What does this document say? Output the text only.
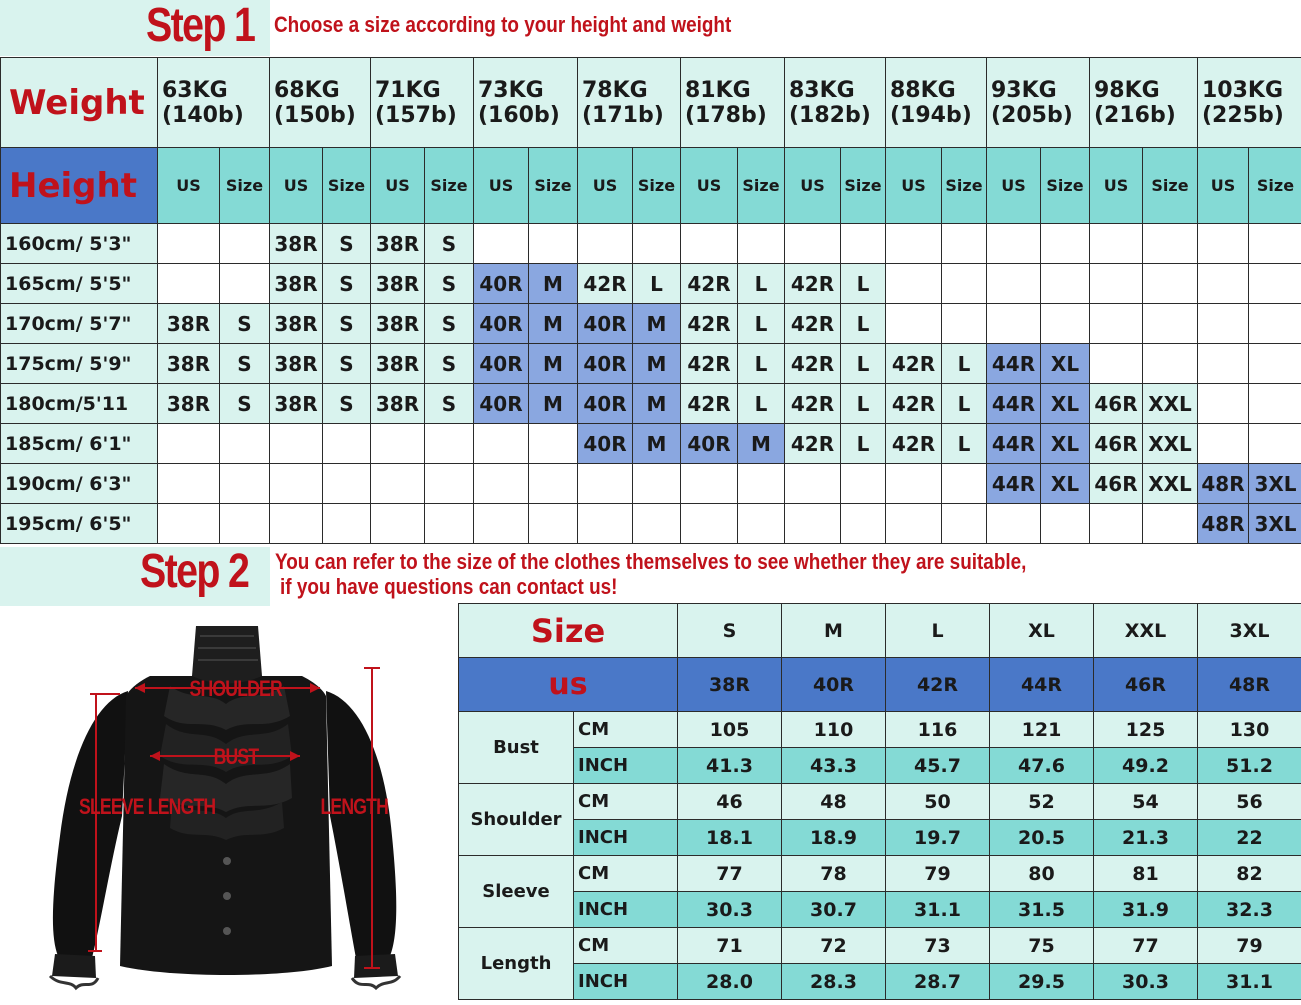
Step 1 Choose a size according to your height and weight
Weight	63KG
(140b)		68KG
(150b)		71KG
(157b)		73KG
(160b)		78KG
(171b)		81KG
(178b)		83KG
(182b)		88KG
(194b)		93KG
(205b)		98KG
(216b)		103KG
(225b)	

Height	US	Size	US	Size	US	Size	US	Size	US	Size	US	Size	US	Size	US	Size	US	Size	US	Size	US	Size
160cm/ 5'3"			38R	S	38R	S																
165cm/ 5'5"			38R	S	38R	S	40R	M	42R	L	42R	L	42R	L								
170cm/ 5'7"	38R	S	38R	S	38R	S	40R	M	40R	M	42R	L	42R	L								
175cm/ 5'9"	38R	S	38R	S	38R	S	40R	M	40R	M	42R	L	42R	L	42R	L	44R	XL				
180cm/5'11	38R	S	38R	S	38R	S	40R	M	40R	M	42R	L	42R	L	42R	L	44R	XL	46R	XXL		
185cm/ 6'1"									40R	M	40R	M	42R	L	42R	L	44R	XL	46R	XXL		
190cm/ 6'3"																	44R	XL	46R	XXL	48R	3XL
195cm/ 6'5"																					48R	3XL
Step 2 You can refer to the size of the clothes themselves to see whether they are suitable,
if you have questions can contact us!
SHOULDER
BUST
SLEEVE LENGTH	LENGTH
Size		S	M	L	XL	XXL	3XL
us		38R	40R	42R	44R	46R	48R
Bust	CM	105	110	116	121	125	130
	INCH	41.3	43.3	45.7	47.6	49.2	51.2
Shoulder	CM	46	48	50	52	54	56
	INCH	18.1	18.9	19.7	20.5	21.3	22
Sleeve	CM	77	78	79	80	81	82
	INCH	30.3	30.7	31.1	31.5	31.9	32.3
Length	CM	71	72	73	75	77	79
	INCH	28.0	28.3	28.7	29.5	30.3	31.1
